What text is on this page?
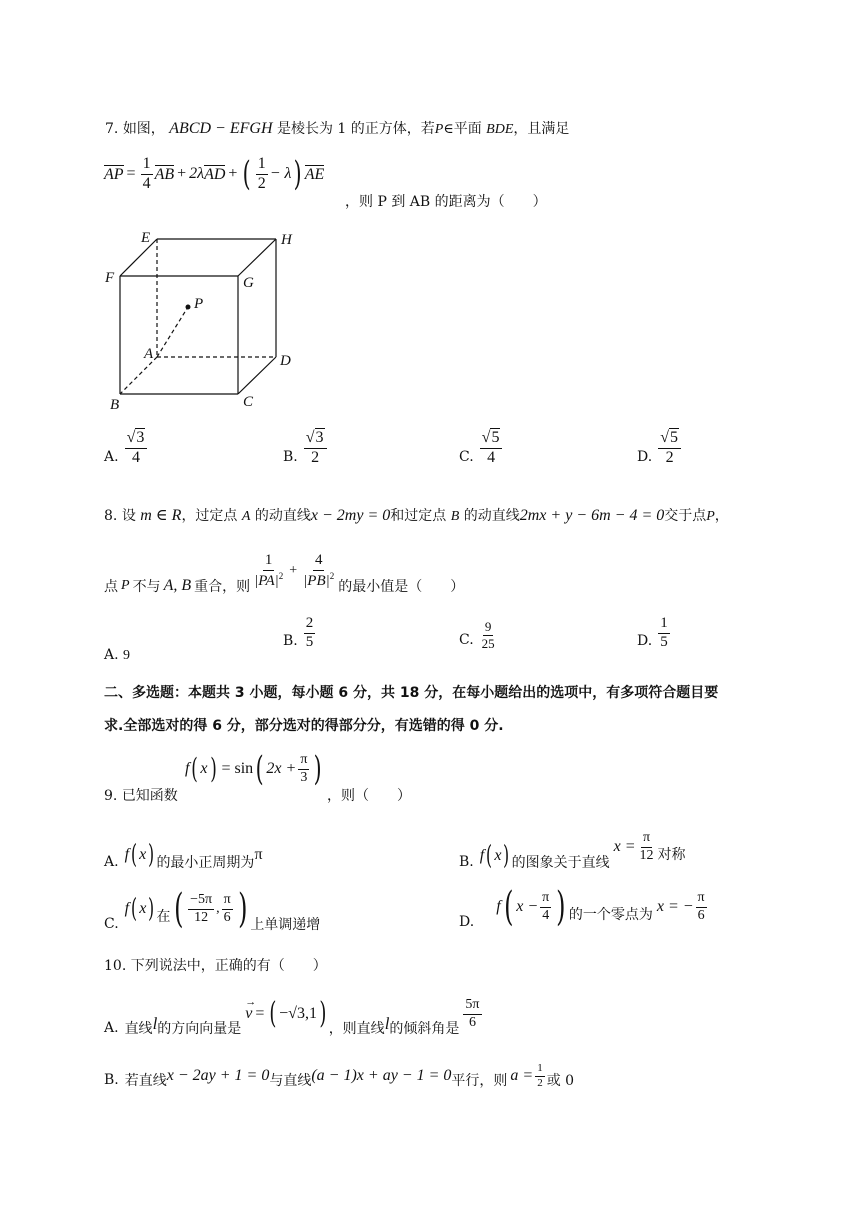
7. 如图， ABCD − EFGH 是棱长为 1 的正方体，若P∈平面 BDE，且满足
AP = $\frac{1}{4}$ AB + 2λ AD + ( $\frac{1}{2} - \lambda$ ) AE
，则 P 到 AB 的距离为（　　）
E	H
F	G
P
A	D
B	C
A. $\frac{√3}{4}$	B. $\frac{√3}{2}$	C. $\frac{√5}{4}$	D. $\frac{√5}{2}$
8. 设 m ∈ R，过定点 A 的动直线x − 2my = 0和过定点 B 的动直线2mx + y − 6m − 4 = 0交于点P，
点 P 不与 A, B 重合，则 $\frac{1}{|PA|^2} + \frac{4}{|PB|^2}$ 的最小值是（　　）
A. 9
B. $\frac{2}{5}$	C. $\frac{9}{25}$	D. $\frac{1}{5}$
二、多选题：本题共 3 小题，每小题 6 分，共 18 分，在每小题给出的选项中，有多项符合题目要
求.全部选对的得 6 分，部分选对的得部分分，有选错的得 0 分.
f ( x ) = sin ( $2x + \frac{\pi}{3}$ )
9. 已知函数	，则（　　）
A. f ( x ) 的最小正周期为 π	B. f ( x ) 的图象关于直线
$x = \frac{\pi}{12}$ 对称
C.
f ( x ) 在 ( $\frac{-5\pi}{12}$ , $\frac{\pi}{6}$ ) 上单调递增	D.
f ( $x - \frac{\pi}{4}$ ) 的一个零点为 x = − $\frac{\pi}{6}$
10. 下列说法中，正确的有（　　）
A. 直线 l 的方向向量是
→
v = ( −√3,1 ) ，则直线 l 的倾斜角是 $\frac{5\pi}{6}$
B. 若直线 x − 2ay + 1 = 0 与直线 (a − 1)x + ay − 1 = 0 平行，则 $a = \frac{1}{2}$ 或 0
